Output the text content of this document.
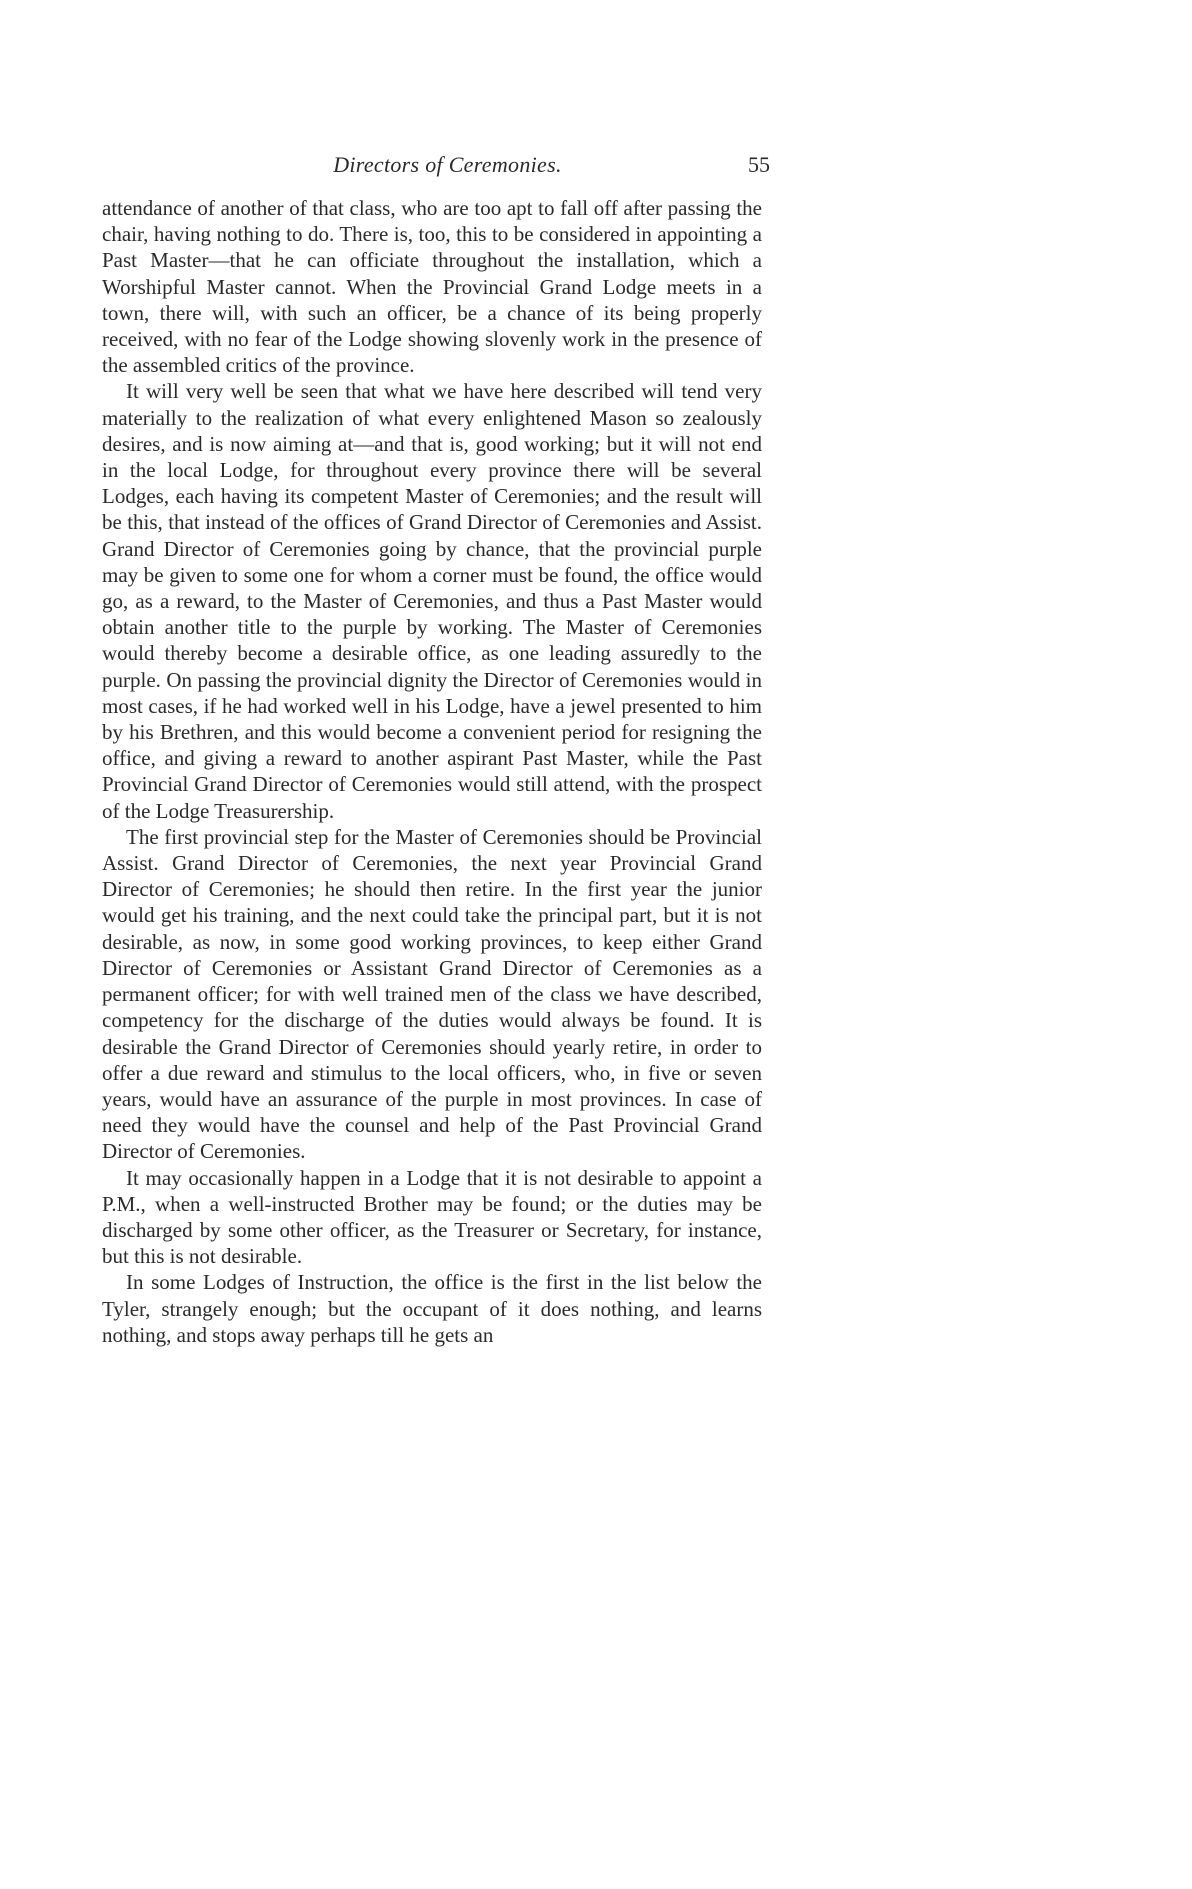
Directors of Ceremonies.	55

attendance of another of that class, who are too apt to fall off after passing the chair, having nothing to do. There is, too, this to be considered in appointing a Past Master—that he can officiate throughout the installation, which a Worshipful Master cannot. When the Provincial Grand Lodge meets in a town, there will, with such an officer, be a chance of its being properly received, with no fear of the Lodge showing slovenly work in the presence of the assembled critics of the province.

It will very well be seen that what we have here described will tend very materially to the realization of what every enlightened Mason so zealously desires, and is now aiming at—and that is, good working; but it will not end in the local Lodge, for throughout every province there will be several Lodges, each having its competent Master of Ceremonies; and the result will be this, that instead of the offices of Grand Director of Ceremonies and Assist. Grand Director of Ceremonies going by chance, that the provincial purple may be given to some one for whom a corner must be found, the office would go, as a reward, to the Master of Ceremonies, and thus a Past Master would obtain another title to the purple by working. The Master of Ceremonies would thereby become a desirable office, as one leading assuredly to the purple. On passing the provincial dignity the Director of Ceremonies would in most cases, if he had worked well in his Lodge, have a jewel presented to him by his Brethren, and this would become a convenient period for resigning the office, and giving a reward to another aspirant Past Master, while the Past Provincial Grand Director of Ceremonies would still attend, with the prospect of the Lodge Treasurership.

The first provincial step for the Master of Ceremonies should be Provincial Assist. Grand Director of Ceremonies, the next year Provincial Grand Director of Ceremonies; he should then retire. In the first year the junior would get his training, and the next could take the principal part, but it is not desirable, as now, in some good working provinces, to keep either Grand Director of Ceremonies or Assistant Grand Director of Ceremonies as a permanent officer; for with well trained men of the class we have described, competency for the discharge of the duties would always be found. It is desirable the Grand Director of Ceremonies should yearly retire, in order to offer a due reward and stimulus to the local officers, who, in five or seven years, would have an assurance of the purple in most provinces. In case of need they would have the counsel and help of the Past Provincial Grand Director of Ceremonies.

It may occasionally happen in a Lodge that it is not desirable to appoint a P.M., when a well-instructed Brother may be found; or the duties may be discharged by some other officer, as the Treasurer or Secretary, for instance, but this is not desirable.

In some Lodges of Instruction, the office is the first in the list below the Tyler, strangely enough; but the occupant of it does nothing, and learns nothing, and stops away perhaps till he gets an
